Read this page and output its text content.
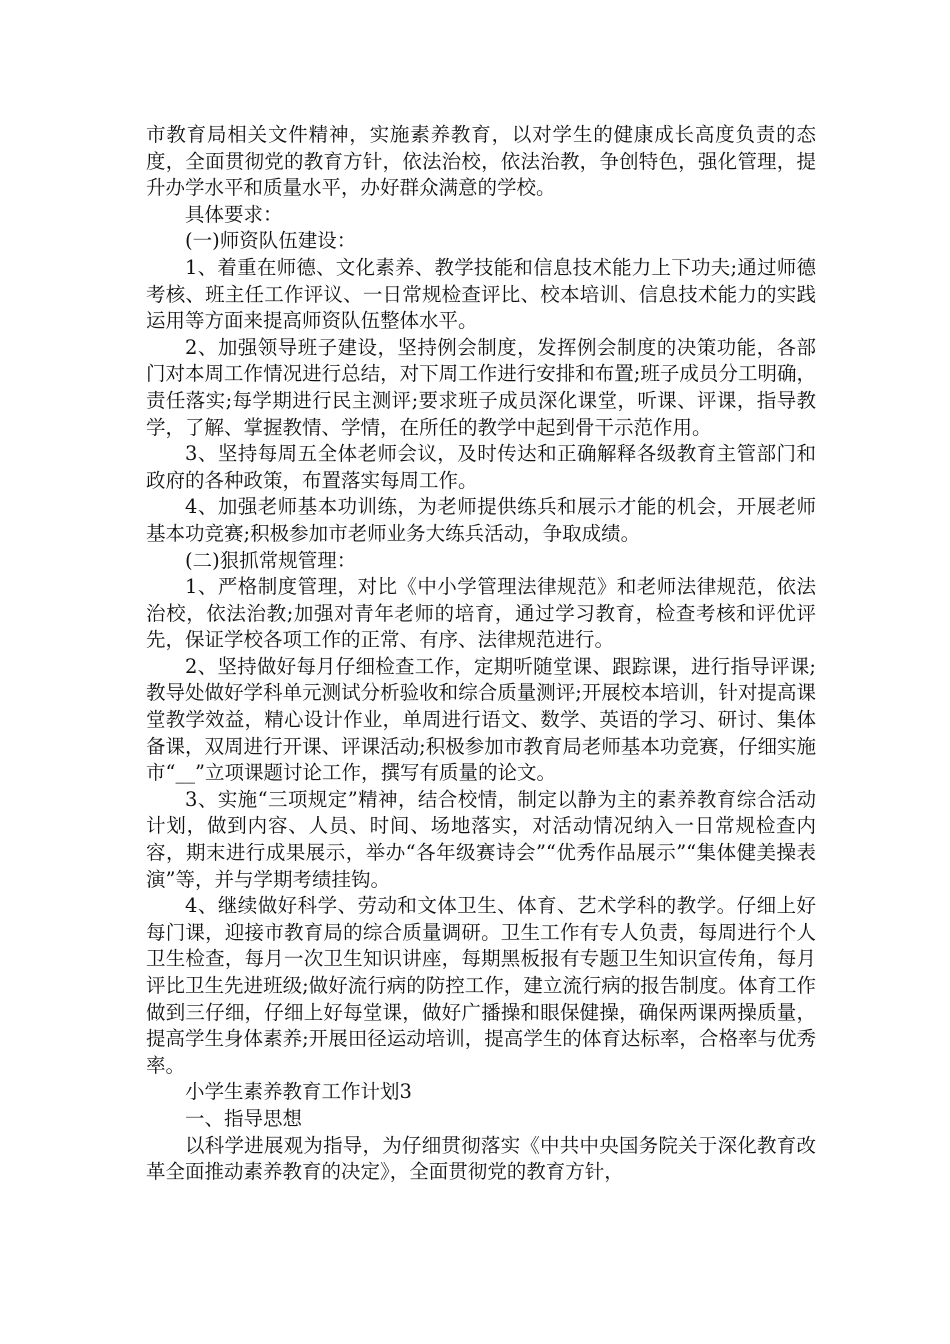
市教育局相关文件精神，实施素养教育，以对学生的健康成长高度负责的态度，全面贯彻党的教育方针，依法治校，依法治教，争创特色，强化管理，提升办学水平和质量水平，办好群众满意的学校。

具体要求：

(一)师资队伍建设：

1、着重在师德、文化素养、教学技能和信息技术能力上下功夫;通过师德考核、班主任工作评议、一日常规检查评比、校本培训、信息技术能力的实践运用等方面来提高师资队伍整体水平。

2、加强领导班子建设，坚持例会制度，发挥例会制度的决策功能，各部门对本周工作情况进行总结，对下周工作进行安排和布置;班子成员分工明确，责任落实;每学期进行民主测评;要求班子成员深化课堂，听课、评课，指导教学，了解、掌握教情、学情，在所任的教学中起到骨干示范作用。

3、坚持每周五全体老师会议，及时传达和正确解释各级教育主管部门和政府的各种政策，布置落实每周工作。

4、加强老师基本功训练，为老师提供练兵和展示才能的机会，开展老师基本功竞赛;积极参加市老师业务大练兵活动，争取成绩。

(二)狠抓常规管理：

1、严格制度管理，对比《中小学管理法律规范》和老师法律规范，依法治校，依法治教;加强对青年老师的培育，通过学习教育，检查考核和评优评先，保证学校各项工作的正常、有序、法律规范进行。

2、坚持做好每月仔细检查工作，定期听随堂课、跟踪课，进行指导评课;教导处做好学科单元测试分析验收和综合质量测评;开展校本培训，针对提高课堂教学效益，精心设计作业，单周进行语文、数学、英语的学习、研讨、集体备课，双周进行开课、评课活动;积极参加市教育局老师基本功竞赛，仔细实施市“__”立项课题讨论工作，撰写有质量的论文。

3、实施“三项规定”精神，结合校情，制定以静为主的素养教育综合活动计划，做到内容、人员、时间、场地落实，对活动情况纳入一日常规检查内容，期末进行成果展示，举办“各年级赛诗会”“优秀作品展示”“集体健美操表演”等，并与学期考绩挂钩。

4、继续做好科学、劳动和文体卫生、体育、艺术学科的教学。仔细上好每门课，迎接市教育局的综合质量调研。卫生工作有专人负责，每周进行个人卫生检查，每月一次卫生知识讲座，每期黑板报有专题卫生知识宣传角，每月评比卫生先进班级;做好流行病的防控工作，建立流行病的报告制度。体育工作做到三仔细，仔细上好每堂课，做好广播操和眼保健操，确保两课两操质量，提高学生身体素养;开展田径运动培训，提高学生的体育达标率，合格率与优秀率。

小学生素养教育工作计划3

一、指导思想

以科学进展观为指导，为仔细贯彻落实《中共中央国务院关于深化教育改革全面推动素养教育的决定》，全面贯彻党的教育方针，
